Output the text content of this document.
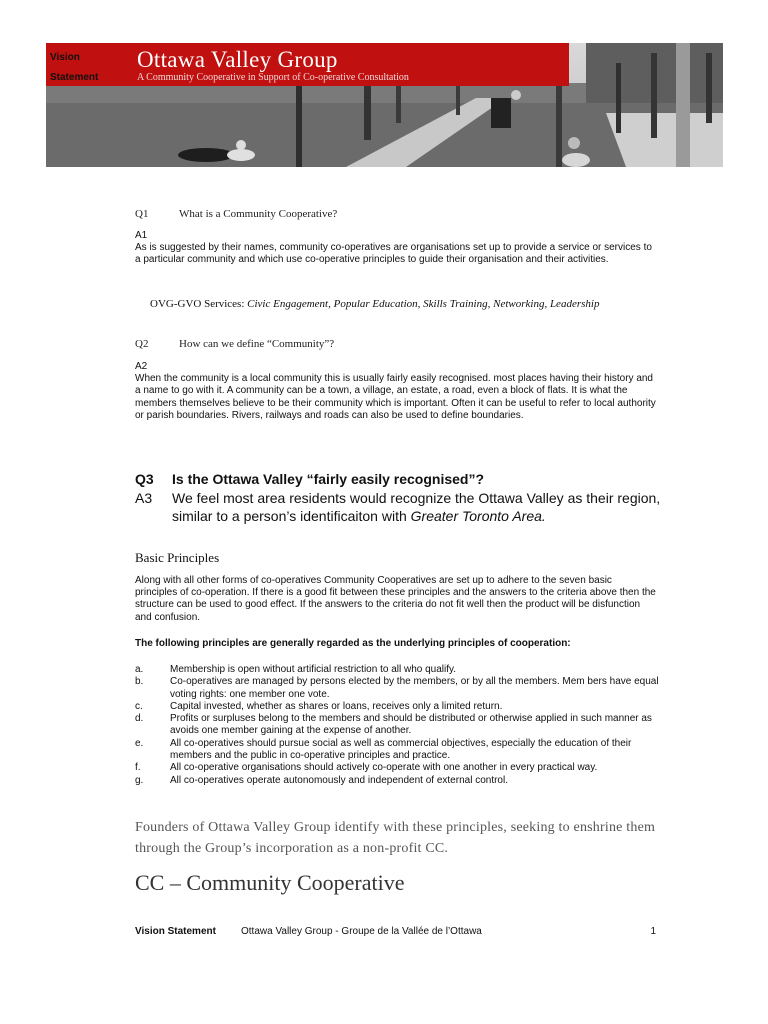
Vision
Statement
Ottawa Valley Group
A Community Cooperative in Support of Co-operative Consultation
Q1	What is a Community Cooperative?
A1
As is suggested by their names, community co-operatives are organisations set up to provide a service or services to a particular community and which use co-operative principles to guide their organisation and their activities.
OVG-GVO Services: Civic Engagement, Popular Education, Skills Training, Networking, Leadership
Q2	How can we define “Community”?
A2
When the community is a local community this is usually fairly easily recognised. most places having their history and a name to go with it. A community can be a town, a village, an estate, a road, even a block of flats. It is what the members themselves believe to be their community which is important. Often it can be useful to refer to local authority or parish boundaries. Rivers, railways and roads can also be used to define boundaries.
Q3 Is the Ottawa Valley “fairly easily recognised”?
A3 We feel most area residents would recognize the Ottawa Valley as their region, similar to a person’s identificaiton with Greater Toronto Area.
Basic Principles
Along with all other forms of co-operatives Community Cooperatives are set up to adhere to the seven basic principles of co-operation. If there is a good fit between these principles and the answers to the criteria above then the structure can be used to good effect. If the answers to the criteria do not fit well then the product will be disfunction and confusion.
The following principles are generally regarded as the underlying principles of cooperation:
a.	Membership is open without artificial restriction to all who qualify.
b.	Co-operatives are managed by persons elected by the members, or by all the members. Mem bers have equal voting rights: one member one vote.
c.	Capital invested, whether as shares or loans, receives only a limited return.
d.	Profits or surpluses belong to the members and should be distributed or otherwise applied in such manner as avoids one member gaining at the expense of another.
e.	All co-operatives should pursue social as well as commercial objectives, especially the education of their members and the public in co-operative principles and practice.
f.	All co-operative organisations should actively co-operate with one another in every practical way.
g.	All co-operatives operate autonomously and independent of external control.
Founders of Ottawa Valley Group identify with these principles, seeking to enshrine them through the Group’s incorporation as a non-profit CC.
CC – Community Cooperative
Vision Statement	Ottawa Valley Group - Groupe de la Vallée de l’Ottawa	1
